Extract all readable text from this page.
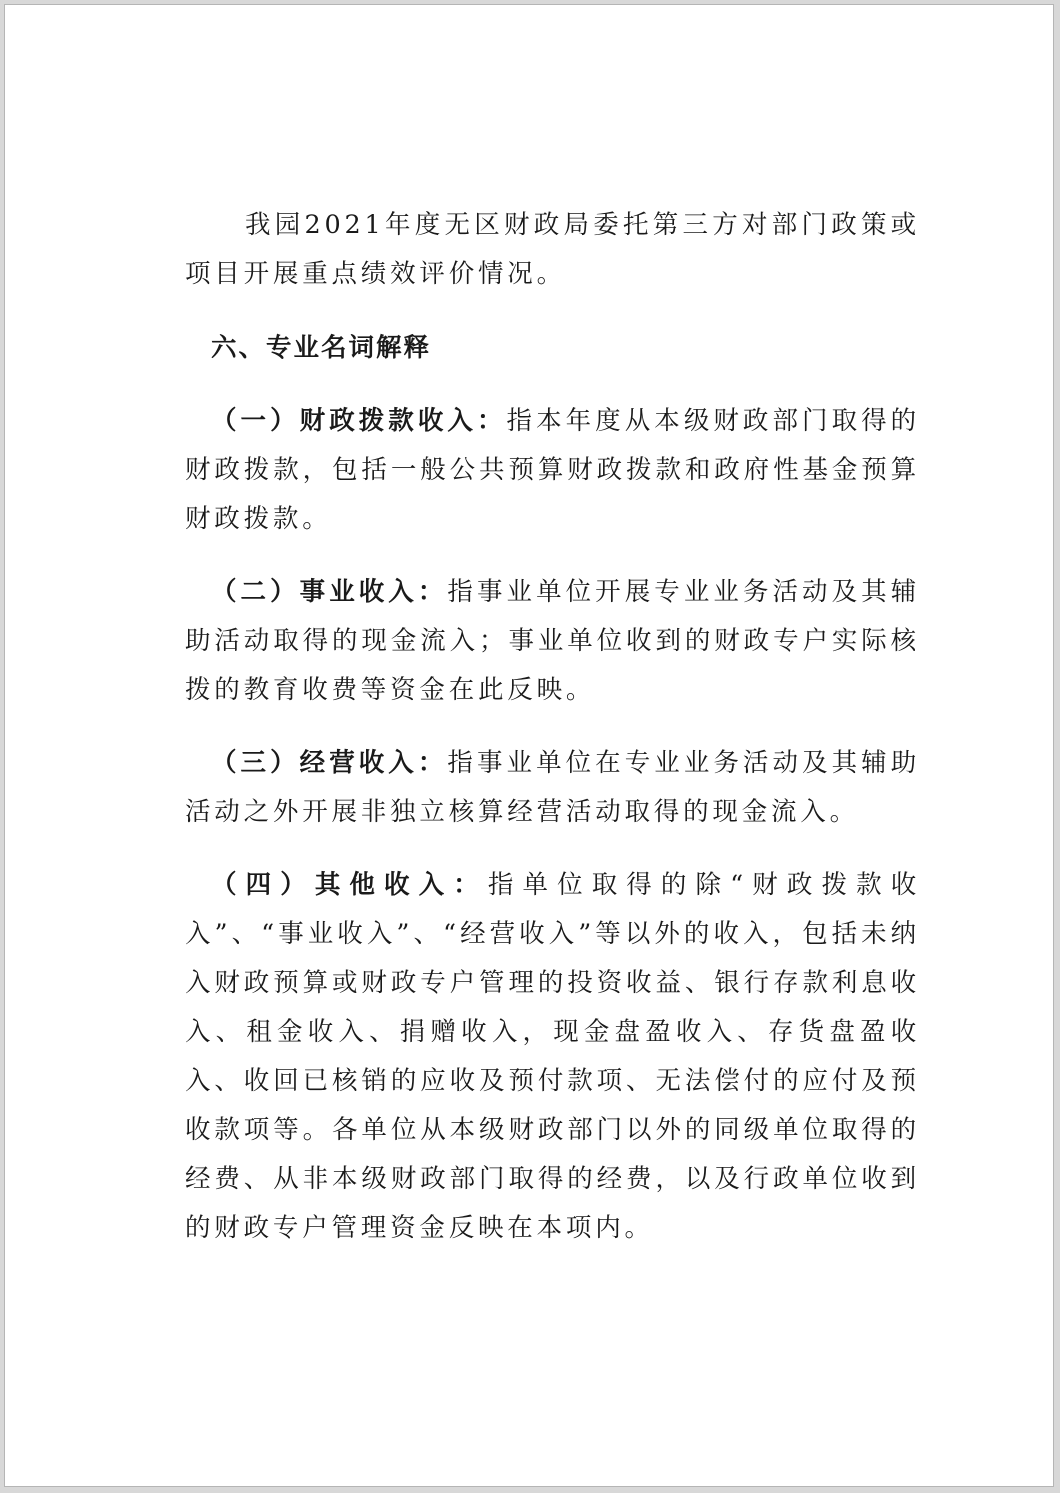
我园2021年度无区财政局委托第三方对部门政策或项目开展重点绩效评价情况。

六、专业名词解释

（一）财政拨款收入：指本年度从本级财政部门取得的财政拨款，包括一般公共预算财政拨款和政府性基金预算财政拨款。

（二）事业收入：指事业单位开展专业业务活动及其辅助活动取得的现金流入；事业单位收到的财政专户实际核拨的教育收费等资金在此反映。

（三）经营收入：指事业单位在专业业务活动及其辅助活动之外开展非独立核算经营活动取得的现金流入。

（四）其他收入：指单位取得的除“财政拨款收入”、“事业收入”、“经营收入”等以外的收入，包括未纳入财政预算或财政专户管理的投资收益、银行存款利息收入、租金收入、捐赠收入，现金盘盈收入、存货盘盈收入、收回已核销的应收及预付款项、无法偿付的应付及预收款项等。各单位从本级财政部门以外的同级单位取得的经费、从非本级财政部门取得的经费，以及行政单位收到的财政专户管理资金反映在本项内。
